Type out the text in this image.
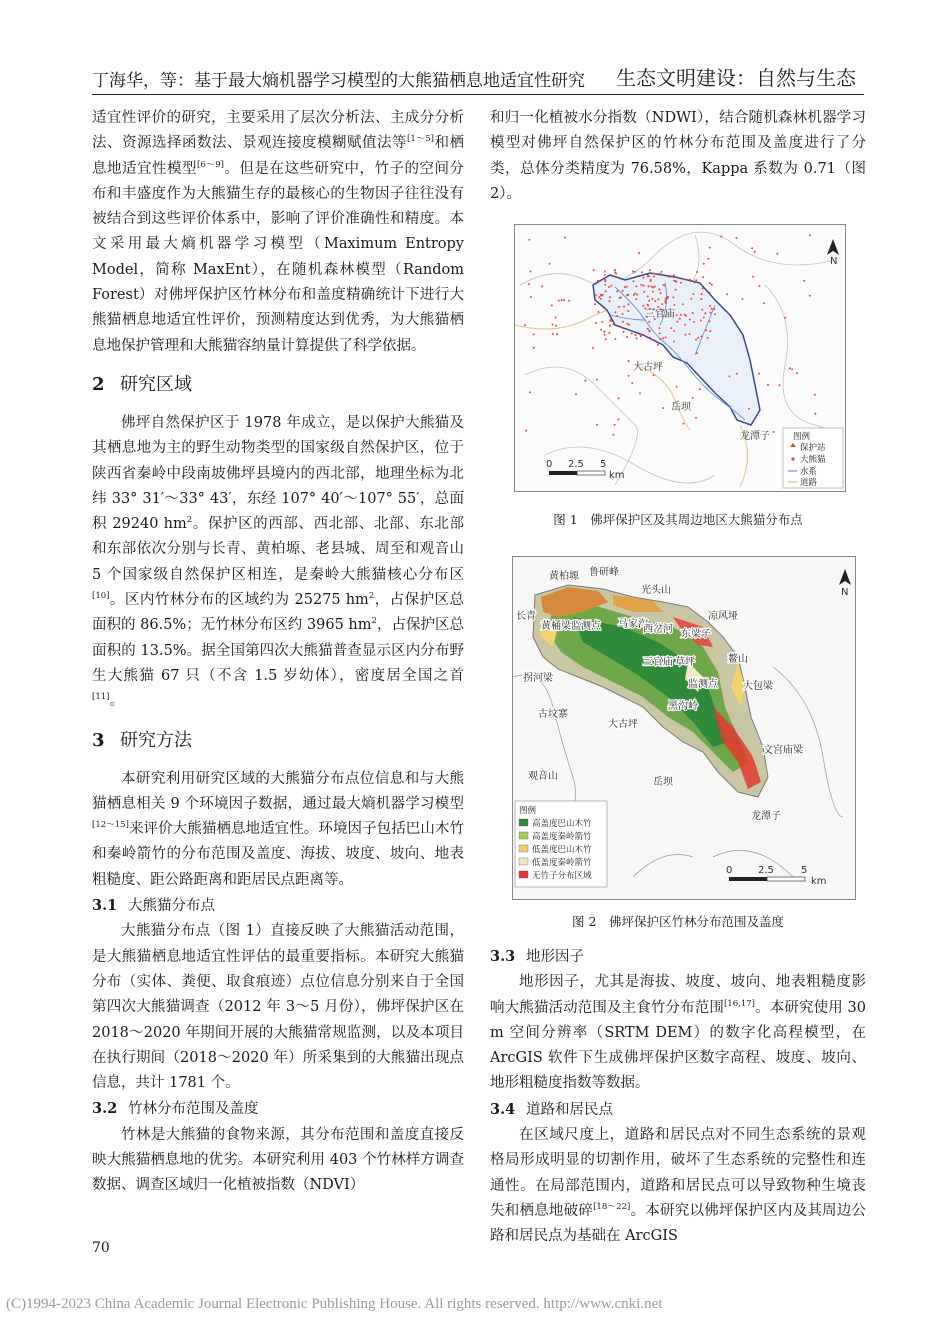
丁海华，等：基于最大熵机器学习模型的大熊猫栖息地适宜性研究 生态文明建设：自然与生态

适宜性评价的研究，主要采用了层次分析法、主成分分析法、资源选择函数法、景观连接度模糊赋值法等[1～5]和栖息地适宜性模型[6～9]。但是在这些研究中，竹子的空间分布和丰盛度作为大熊猫生存的最核心的生物因子往往没有被结合到这些评价体系中，影响了评价准确性和精度。本文采用最大熵机器学习模型（Maximum Entropy Model，简称 MaxEnt），在随机森林模型（Random Forest）对佛坪保护区竹林分布和盖度精确统计下进行大熊猫栖息地适宜性评价，预测精度达到优秀，为大熊猫栖息地保护管理和大熊猫容纳量计算提供了科学依据。

2 研究区域

佛坪自然保护区于 1978 年成立，是以保护大熊猫及其栖息地为主的野生动物类型的国家级自然保护区，位于陕西省秦岭中段南坡佛坪县境内的西北部，地理坐标为北纬 33° 31′～33° 43′，东经 107° 40′～107° 55′，总面积 29240 $hm^2$。保护区的西部、西北部、北部、东北部和东部依次分别与长青、黄柏塬、老县城、周至和观音山 5 个国家级自然保护区相连，是秦岭大熊猫核心分布区[10]。区内竹林分布的区域约为 25275 $hm^2$，占保护区总面积的 86.5%；无竹林分布区约 3965 $hm^2$，占保护区总面积的 13.5%。据全国第四次大熊猫普查显示区内分布野生大熊猫 67 只（不含 1.5 岁幼体），密度居全国之首[11]。

3 研究方法

本研究利用研究区域的大熊猫分布点位信息和与大熊猫栖息相关 9 个环境因子数据，通过最大熵机器学习模型[12～15]来评价大熊猫栖息地适宜性。环境因子包括巴山木竹和秦岭箭竹的分布范围及盖度、海拔、坡度、坡向、地表粗糙度、距公路距离和距居民点距离等。

3.1 大熊猫分布点

大熊猫分布点（图 1）直接反映了大熊猫活动范围，是大熊猫栖息地适宜性评估的最重要指标。本研究大熊猫分布（实体、粪便、取食痕迹）点位信息分别来自于全国第四次大熊猫调查（2012 年 3～5 月份），佛坪保护区在 2018～2020 年期间开展的大熊猫常规监测，以及本项目在执行期间（2018～2020 年）所采集到的大熊猫出现点信息，共计 1781 个。

3.2 竹林分布范围及盖度

竹林是大熊猫的食物来源，其分布范围和盖度直接反映大熊猫栖息地的优劣。本研究利用 403 个竹林样方调查数据、调查区域归一化植被指数（NDVI）

和归一化植被水分指数（NDWI），结合随机森林机器学习模型对佛坪自然保护区的竹林分布范围及盖度进行了分类，总体分类精度为 76.58%，Kappa 系数为 0.71（图 2）。

三官庙
大古坪
岳坝
龙潭子
N
图例
保护站
大熊猫
水系
道路
0 2.5 5
km
图 1　佛坪保护区及其周边地区大熊猫分布点
黄柏塬 鲁研峰
光头山
长青
黄桶梁监测点 马家沟
西岔河
凉风垭
东梁子
拐河梁
三官庙 草坪	鳌山
古坟寨
监测点	大包梁
黑沟岭
大古坪
文宫庙梁
观音山
岳坝
龙潭子
N
图例
高盖度巴山木竹
高盖度秦岭箭竹
低盖度巴山木竹
低盖度秦岭箭竹
无竹子分布区域	0	2.5	5
km
图 2　佛坪保护区竹林分布范围及盖度
3.3 地形因子

地形因子，尤其是海拔、坡度、坡向、地表粗糙度影响大熊猫活动范围及主食竹分布范围[16,17]。本研究使用 30 m 空间分辨率（SRTM DEM）的数字化高程模型，在 ArcGIS 软件下生成佛坪保护区数字高程、坡度、坡向、地形粗糙度指数等数据。

3.4 道路和居民点

在区域尺度上，道路和居民点对不同生态系统的景观格局形成明显的切割作用，破坏了生态系统的完整性和连通性。在局部范围内，道路和居民点可以导致物种生境丧失和栖息地破碎[18～22]。本研究以佛坪保护区内及其周边公路和居民点为基础在 ArcGIS

70
(C)1994-2023 China Academic Journal Electronic Publishing House. All rights reserved. http://www.cnki.net
